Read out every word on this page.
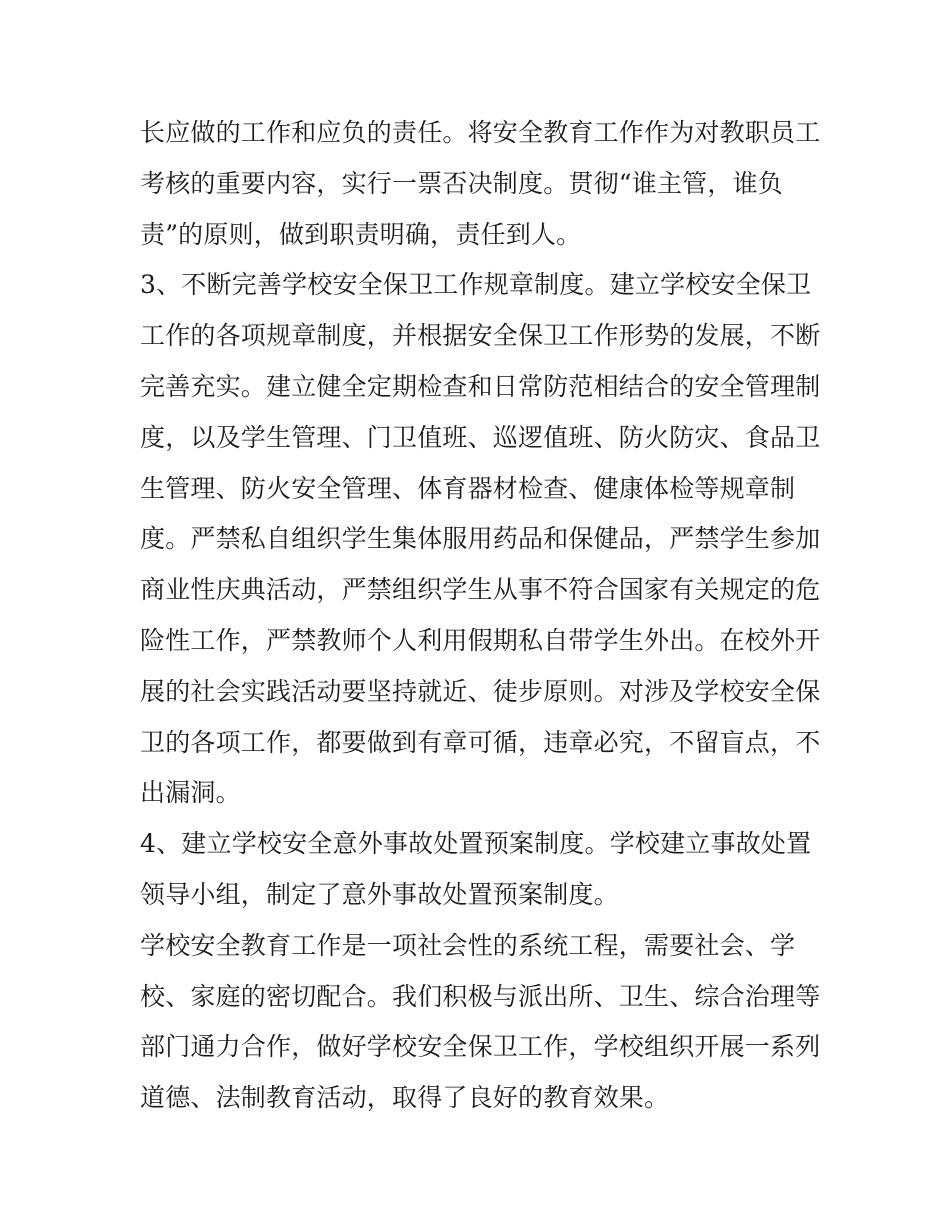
长应做的工作和应负的责任。将安全教育工作作为对教职员工
考核的重要内容，实行一票否决制度。贯彻“谁主管，谁负
责”的原则，做到职责明确，责任到人。
3、不断完善学校安全保卫工作规章制度。建立学校安全保卫
工作的各项规章制度，并根据安全保卫工作形势的发展，不断
完善充实。建立健全定期检查和日常防范相结合的安全管理制
度，以及学生管理、门卫值班、巡逻值班、防火防灾、食品卫
生管理、防火安全管理、体育器材检查、健康体检等规章制
度。严禁私自组织学生集体服用药品和保健品，严禁学生参加
商业性庆典活动，严禁组织学生从事不符合国家有关规定的危
险性工作，严禁教师个人利用假期私自带学生外出。在校外开
展的社会实践活动要坚持就近、徒步原则。对涉及学校安全保
卫的各项工作，都要做到有章可循，违章必究，不留盲点，不
出漏洞。
4、建立学校安全意外事故处置预案制度。学校建立事故处置
领导小组，制定了意外事故处置预案制度。
学校安全教育工作是一项社会性的系统工程，需要社会、学
校、家庭的密切配合。我们积极与派出所、卫生、综合治理等
部门通力合作，做好学校安全保卫工作，学校组织开展一系列
道德、法制教育活动，取得了良好的教育效果。
